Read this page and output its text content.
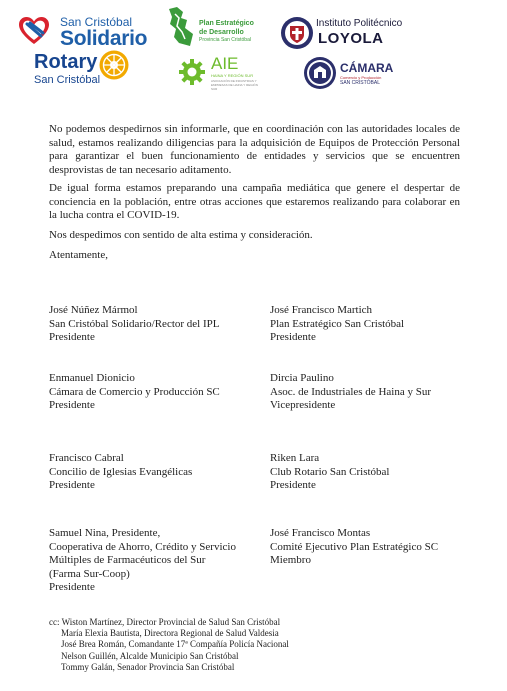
San Cristóbal
Solidario
Rotary
San Cristóbal
Plan Estratégico
de Desarrollo
Provincia San Cristóbal
AIE
HAINA Y REGIÓN SUR
ASOCIACIÓN DE INDUSTRIAS Y EMPRESAS DE HAINA Y REGIÓN SUR
Instituto Politécnico
LOYOLA
CÁMARA
Comercio y Producción
SAN CRISTÓBAL

No podemos despedirnos sin informarle, que en coordinación con las autoridades locales de salud, estamos realizando diligencias para la adquisición de Equipos de Protección Personal para garantizar el buen funcionamiento de entidades y servicios que se encuentren desprovistas de tan necesario aditamento.

De igual forma estamos preparando una campaña mediática que genere el despertar de conciencia en la población, entre otras acciones que estaremos realizando para colaborar en la lucha contra el COVID-19.

Nos despedimos con sentido de alta estima y consideración.

Atentamente,

José Núñez Mármol
San Cristóbal Solidario/Rector del IPL
Presidente
José Francisco Martich
Plan Estratégico San Cristóbal
Presidente
Enmanuel Dionicio
Cámara de Comercio y Producción SC
Presidente
Dircia Paulino
Asoc. de Industriales de Haina y Sur
Vicepresidente
Francisco Cabral
Concilio de Iglesias Evangélicas
Presidente
Riken Lara
Club Rotario San Cristóbal
Presidente
Samuel Nina, Presidente,
Cooperativa de Ahorro, Crédito y Servicio
Múltiples de Farmacéuticos del Sur
(Farma Sur-Coop)
Presidente
José Francisco Montas
Comité Ejecutivo Plan Estratégico SC
Miembro
cc: Wiston Martínez, Director Provincial de Salud San Cristóbal
María Elexia Bautista, Directora Regional de Salud Valdesia
José Brea Román, Comandante 17ª Compañía Policía Nacional
Nelson Guillén, Alcalde Municipio San Cristóbal
Tommy Galán, Senador Provincia San Cristóbal
